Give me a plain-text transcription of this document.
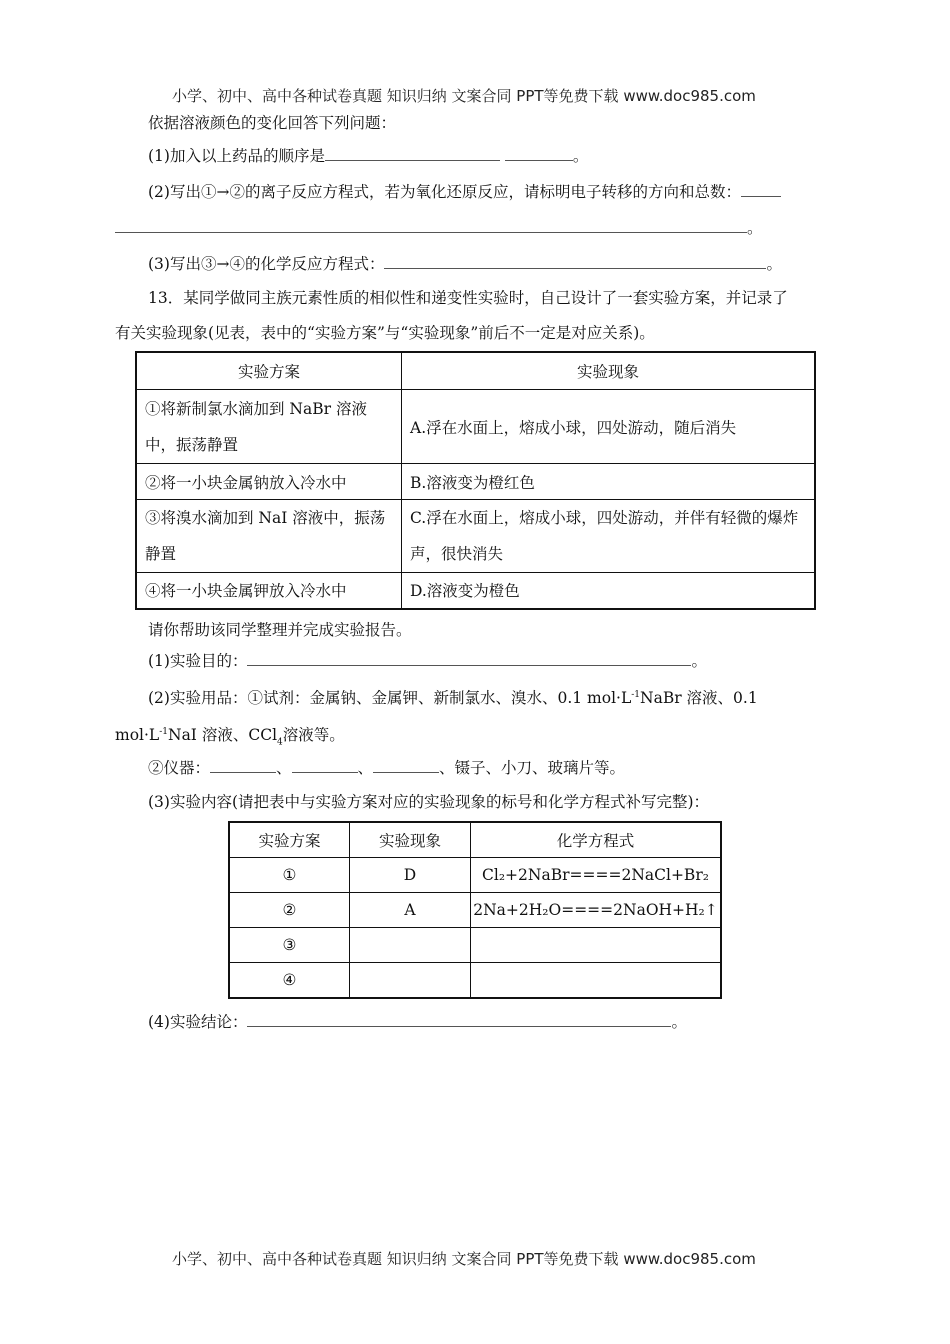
小学、初中、高中各种试卷真题 知识归纳 文案合同 PPT等免费下载 www.doc985.com
依据溶液颜色的变化回答下列问题：
(1)加入以上药品的顺序是	。
(2)写出①→②的离子反应方程式，若为氧化还原反应，请标明电子转移的方向和总数：
。
(3)写出③→④的化学反应方程式：	。
13．某同学做同主族元素性质的相似性和递变性实验时，自己设计了一套实验方案，并记录了
有关实验现象(见表，表中的“实验方案”与“实验现象”前后不一定是对应关系)。
实验方案	实验现象
①将新制氯水滴加到 NaBr 溶液中，振荡静置	A.浮在水面上，熔成小球，四处游动，随后消失
②将一小块金属钠放入冷水中	B.溶液变为橙红色
③将溴水滴加到 NaI 溶液中，振荡静置	C.浮在水面上，熔成小球，四处游动，并伴有轻微的爆炸声，很快消失
④将一小块金属钾放入冷水中	D.溶液变为橙色
请你帮助该同学整理并完成实验报告。
(1)实验目的：	。
(2)实验用品：①试剂：金属钠、金属钾、新制氯水、溴水、0.1 $mol\cdot L^{-1}NaBr$ 溶液、0.1
$mol\cdot L^{-1}NaI$ 溶液、CCl$_4$溶液等。
②仪器：	、	、	、镊子、小刀、玻璃片等。
(3)实验内容(请把表中与实验方案对应的实验现象的标号和化学方程式补写完整)：
实验方案	实验现象	化学方程式
①	D	Cl₂+2NaBr====2NaCl+Br₂
②	A	2Na+2H₂O====2NaOH+H₂↑
③		
④		
(4)实验结论：	。
小学、初中、高中各种试卷真题 知识归纳 文案合同 PPT等免费下载 www.doc985.com
